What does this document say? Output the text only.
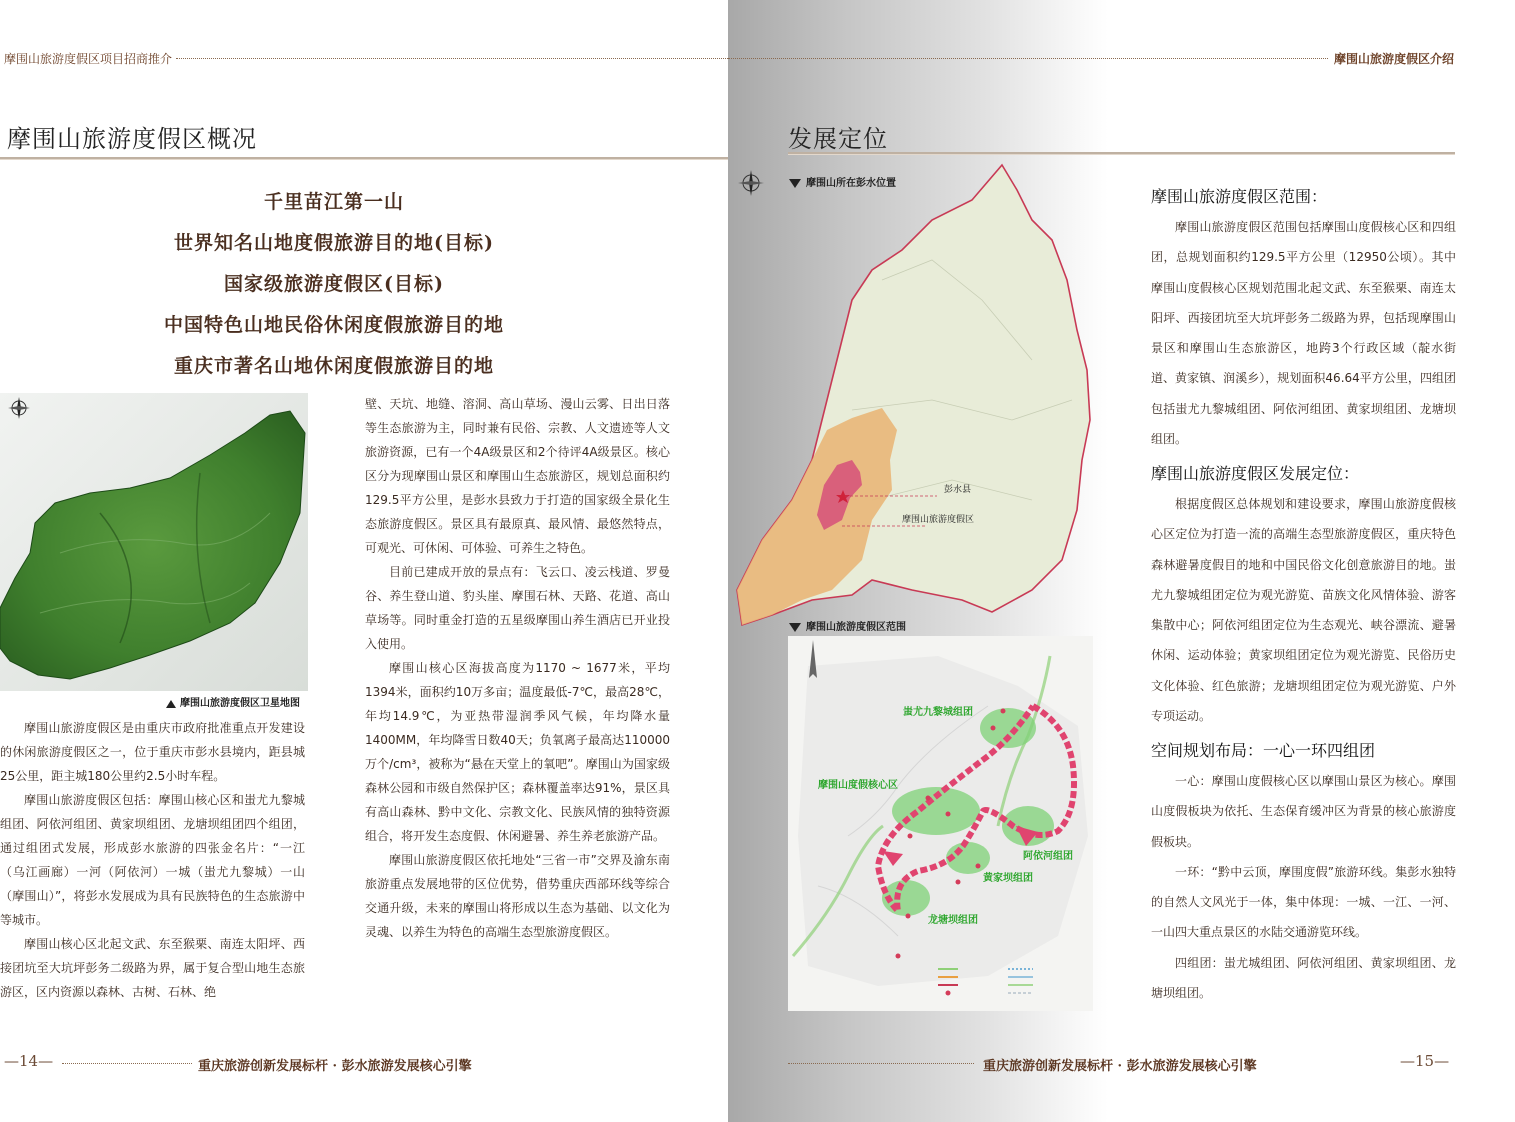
摩围山旅游度假区项目招商推介
摩围山旅游度假区概况
千里苗江第一山
世界知名山地度假旅游目的地(目标)
国家级旅游度假区(目标)
中国特色山地民俗休闲度假旅游目的地
重庆市著名山地休闲度假旅游目的地
摩围山旅游度假区卫星地图

摩围山旅游度假区是由重庆市政府批准重点开发建设的休闲旅游度假区之一，位于重庆市彭水县境内，距县城25公里，距主城180公里约2.5小时车程。

摩围山旅游度假区包括：摩围山核心区和蚩尤九黎城组团、阿依河组团、黄家坝组团、龙塘坝组团四个组团，通过组团式发展，形成彭水旅游的四张金名片：“一江（乌江画廊）一河（阿依河）一城（蚩尤九黎城）一山（摩围山）”，将彭水发展成为具有民族特色的生态旅游中等城市。

摩围山核心区北起文武、东至猴栗、南连太阳坪、西接团坑至大坑坪彭务二级路为界，属于复合型山地生态旅游区，区内资源以森林、古树、石林、绝

壁、天坑、地缝、溶洞、高山草场、漫山云雾、日出日落等生态旅游为主，同时兼有民俗、宗教、人文遗迹等人文旅游资源，已有一个4A级景区和2个待评4A级景区。核心区分为现摩围山景区和摩围山生态旅游区，规划总面积约129.5平方公里，是彭水县致力于打造的国家级全景化生态旅游度假区。景区具有最原真、最风情、最悠然特点，可观光、可休闲、可体验、可养生之特色。

目前已建成开放的景点有：飞云口、凌云栈道、罗曼谷、养生登山道、豹头崖、摩围石林、天路、花道、高山草场等。同时重金打造的五星级摩围山养生酒店已开业投入使用。

摩围山核心区海拔高度为1170 ~ 1677米，平均1394米，面积约10万多亩；温度最低-7℃，最高28℃，年均14.9℃，为亚热带湿润季风气候，年均降水量1400MM，年均降雪日数40天；负氧离子最高达110000万个/cm³，被称为“悬在天堂上的氧吧”。摩围山为国家级森林公园和市级自然保护区；森林覆盖率达91%，景区具有高山森林、黔中文化、宗教文化、民族风情的独特资源组合，将开发生态度假、休闲避暑、养生养老旅游产品。

摩围山旅游度假区依托地处“三省一市”交界及渝东南旅游重点发展地带的区位优势，借势重庆西部环线等综合交通升级，未来的摩围山将形成以生态为基础、以文化为灵魂、以养生为特色的高端生态型旅游度假区。

—14—	重庆旅游创新发展标杆 · 彭水旅游发展核心引擎
摩围山旅游度假区介绍
发展定位
摩围山所在彭水位置
彭水县
摩围山旅游度假区
摩围山旅游度假区范围
蚩尤九黎城组团
摩围山度假核心区
阿依河组团
黄家坝组团
龙塘坝组团
摩围山旅游度假区范围：

摩围山旅游度假区范围包括摩围山度假核心区和四组团，总规划面积约129.5平方公里（12950公顷）。其中摩围山度假核心区规划范围北起文武、东至猴栗、南连太阳坪、西接团坑至大坑坪彭务二级路为界，包括现摩围山景区和摩围山生态旅游区，地跨3个行政区域（靛水街道、黄家镇、润溪乡），规划面积46.64平方公里，四组团包括蚩尤九黎城组团、阿依河组团、黄家坝组团、龙塘坝组团。

摩围山旅游度假区发展定位：

根据度假区总体规划和建设要求，摩围山旅游度假核心区定位为打造一流的高端生态型旅游度假区，重庆特色森林避暑度假目的地和中国民俗文化创意旅游目的地。蚩尤九黎城组团定位为观光游览、苗族文化风情体验、游客集散中心；阿依河组团定位为生态观光、峡谷漂流、避暑休闲、运动体验；黄家坝组团定位为观光游览、民俗历史文化体验、红色旅游；龙塘坝组团定位为观光游览、户外专项运动。

空间规划布局：一心一环四组团

一心：摩围山度假核心区以摩围山景区为核心。摩围山度假板块为依托、生态保育缓冲区为背景的核心旅游度假板块。

一环：“黔中云顶，摩围度假”旅游环线。集彭水独特的自然人文风光于一体，集中体现：一城、一江、一河、一山四大重点景区的水陆交通游览环线。

四组团：蚩尤城组团、阿依河组团、黄家坝组团、龙塘坝组团。

重庆旅游创新发展标杆 · 彭水旅游发展核心引擎	—15—
